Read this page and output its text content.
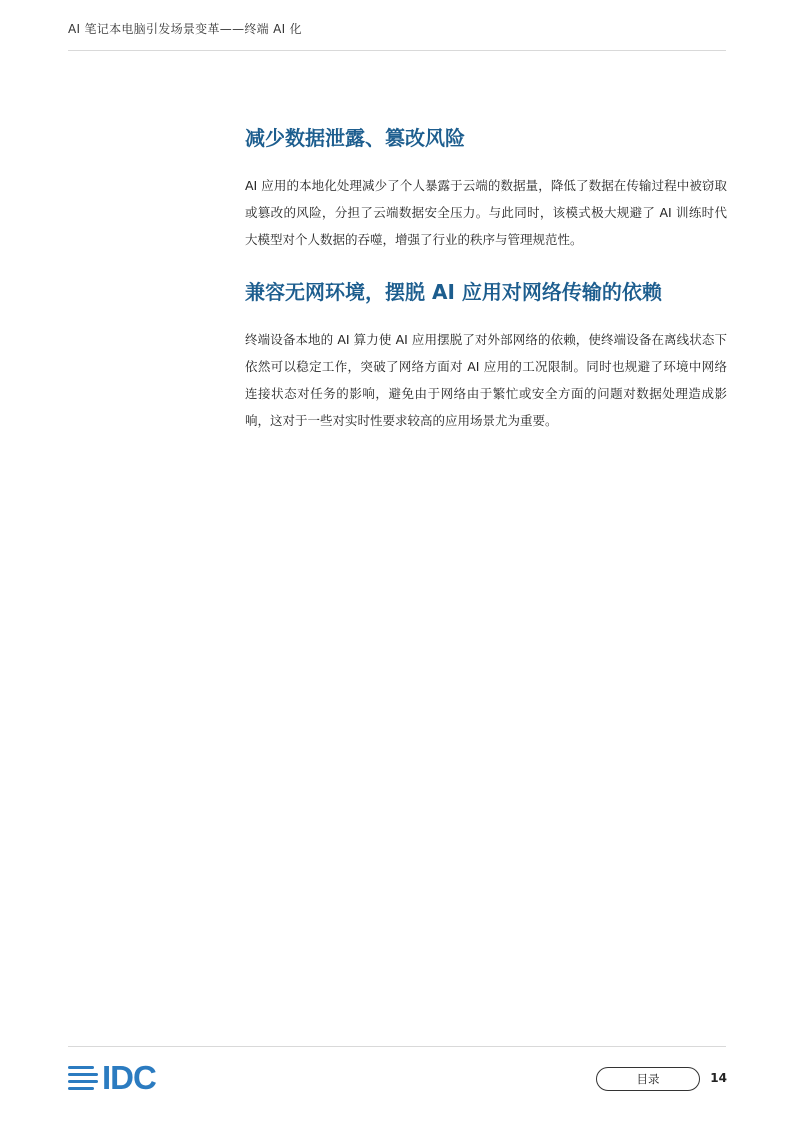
AI 笔记本电脑引发场景变革——终端 AI 化
减少数据泄露、篡改风险

AI 应用的本地化处理减少了个人暴露于云端的数据量，降低了数据在传输过程中被窃取或篡改的风险，分担了云端数据安全压力。与此同时，该模式极大规避了 AI 训练时代大模型对个人数据的吞噬，增强了行业的秩序与管理规范性。

兼容无网环境，摆脱 AI 应用对网络传输的依赖

终端设备本地的 AI 算力使 AI 应用摆脱了对外部网络的依赖，使终端设备在离线状态下依然可以稳定工作，突破了网络方面对 AI 应用的工况限制。同时也规避了环境中网络连接状态对任务的影响，避免由于网络由于繁忙或安全方面的问题对数据处理造成影响，这对于一些对实时性要求较高的应用场景尤为重要。

IDC	目录	14
